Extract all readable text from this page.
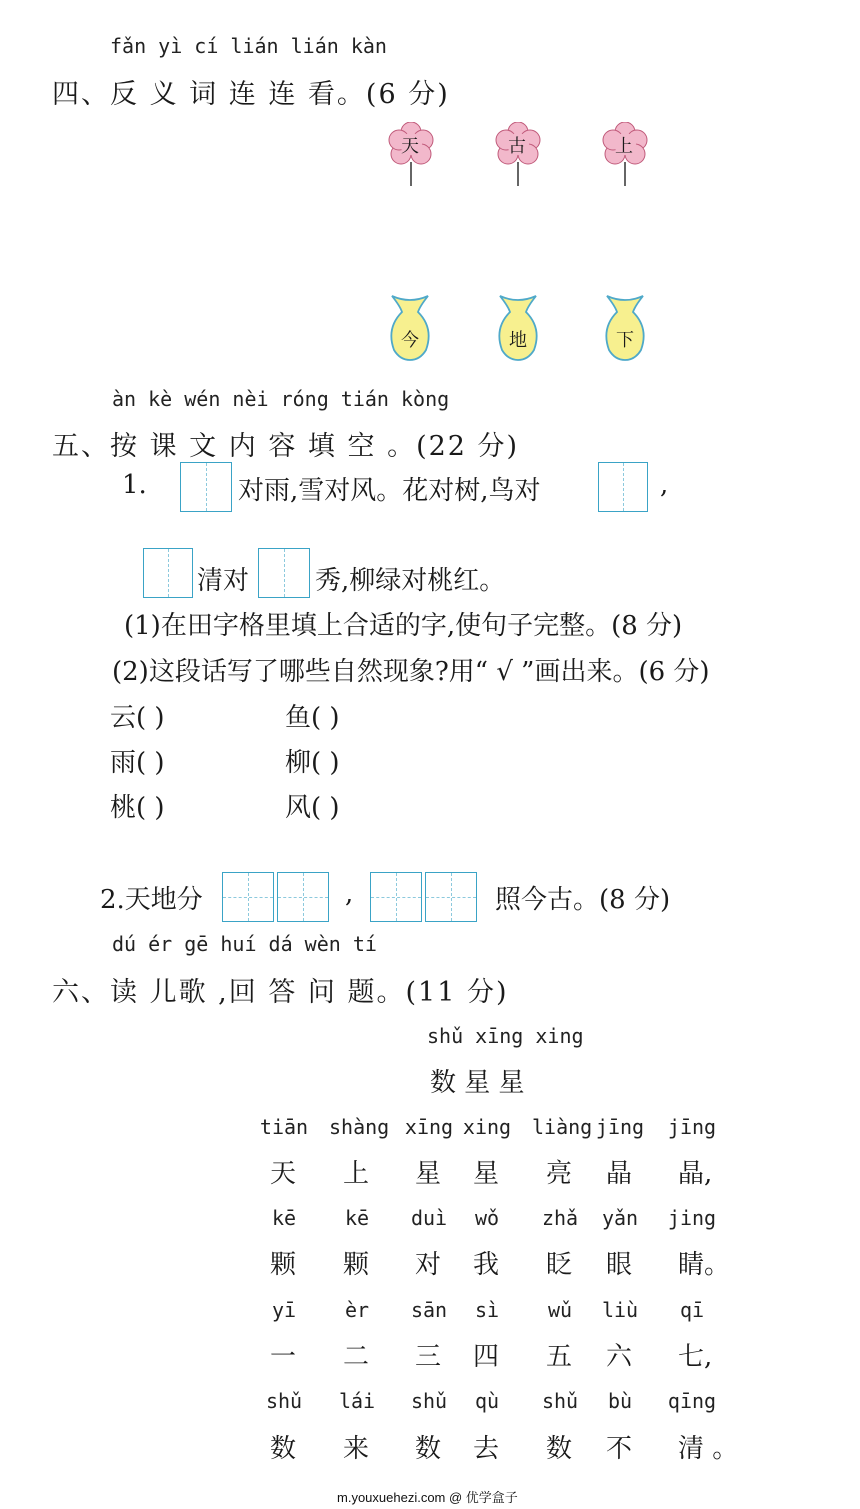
fǎn yì cí lián lián kàn
四、反 义 词 连 连 看。(6 分)
天	古	上
今	地	下
àn kè wén nèi róng tián kòng
五、按 课 文 内 容 填 空 。(22 分)
1.	对雨,雪对风。花对树,鸟对	,
清对	秀,柳绿对桃红。
(1)在田字格里填上合适的字,使句子完整。(8 分)
(2)这段话写了哪些自然现象?用“ √ ”画出来。(6 分)
云( )	鱼( )
雨( )	柳( )
桃( )	风( )
2.天地分	,	照今古。(8 分)
dú ér gē huí dá wèn tí
六、读 儿歌 ,回 答 问 题。(11 分)
shǔ xīng xing
数 星 星
tiān shàng xīng xing liàng jīng jīng
天 上 星 星 亮 晶 晶,
kē	kē	duì	wǒ	zhǎ	yǎn	jing
颗 颗 对 我 眨 眼 睛。
yī	èr	sān	sì	wǔ	liù	qī
一 二 三 四 五 六 七,
shǔ	lái	shǔ	qù	shǔ	bù	qīng
数 来 数 去 数 不 清 。
m.youxuehezi.com @ 优学盒子
